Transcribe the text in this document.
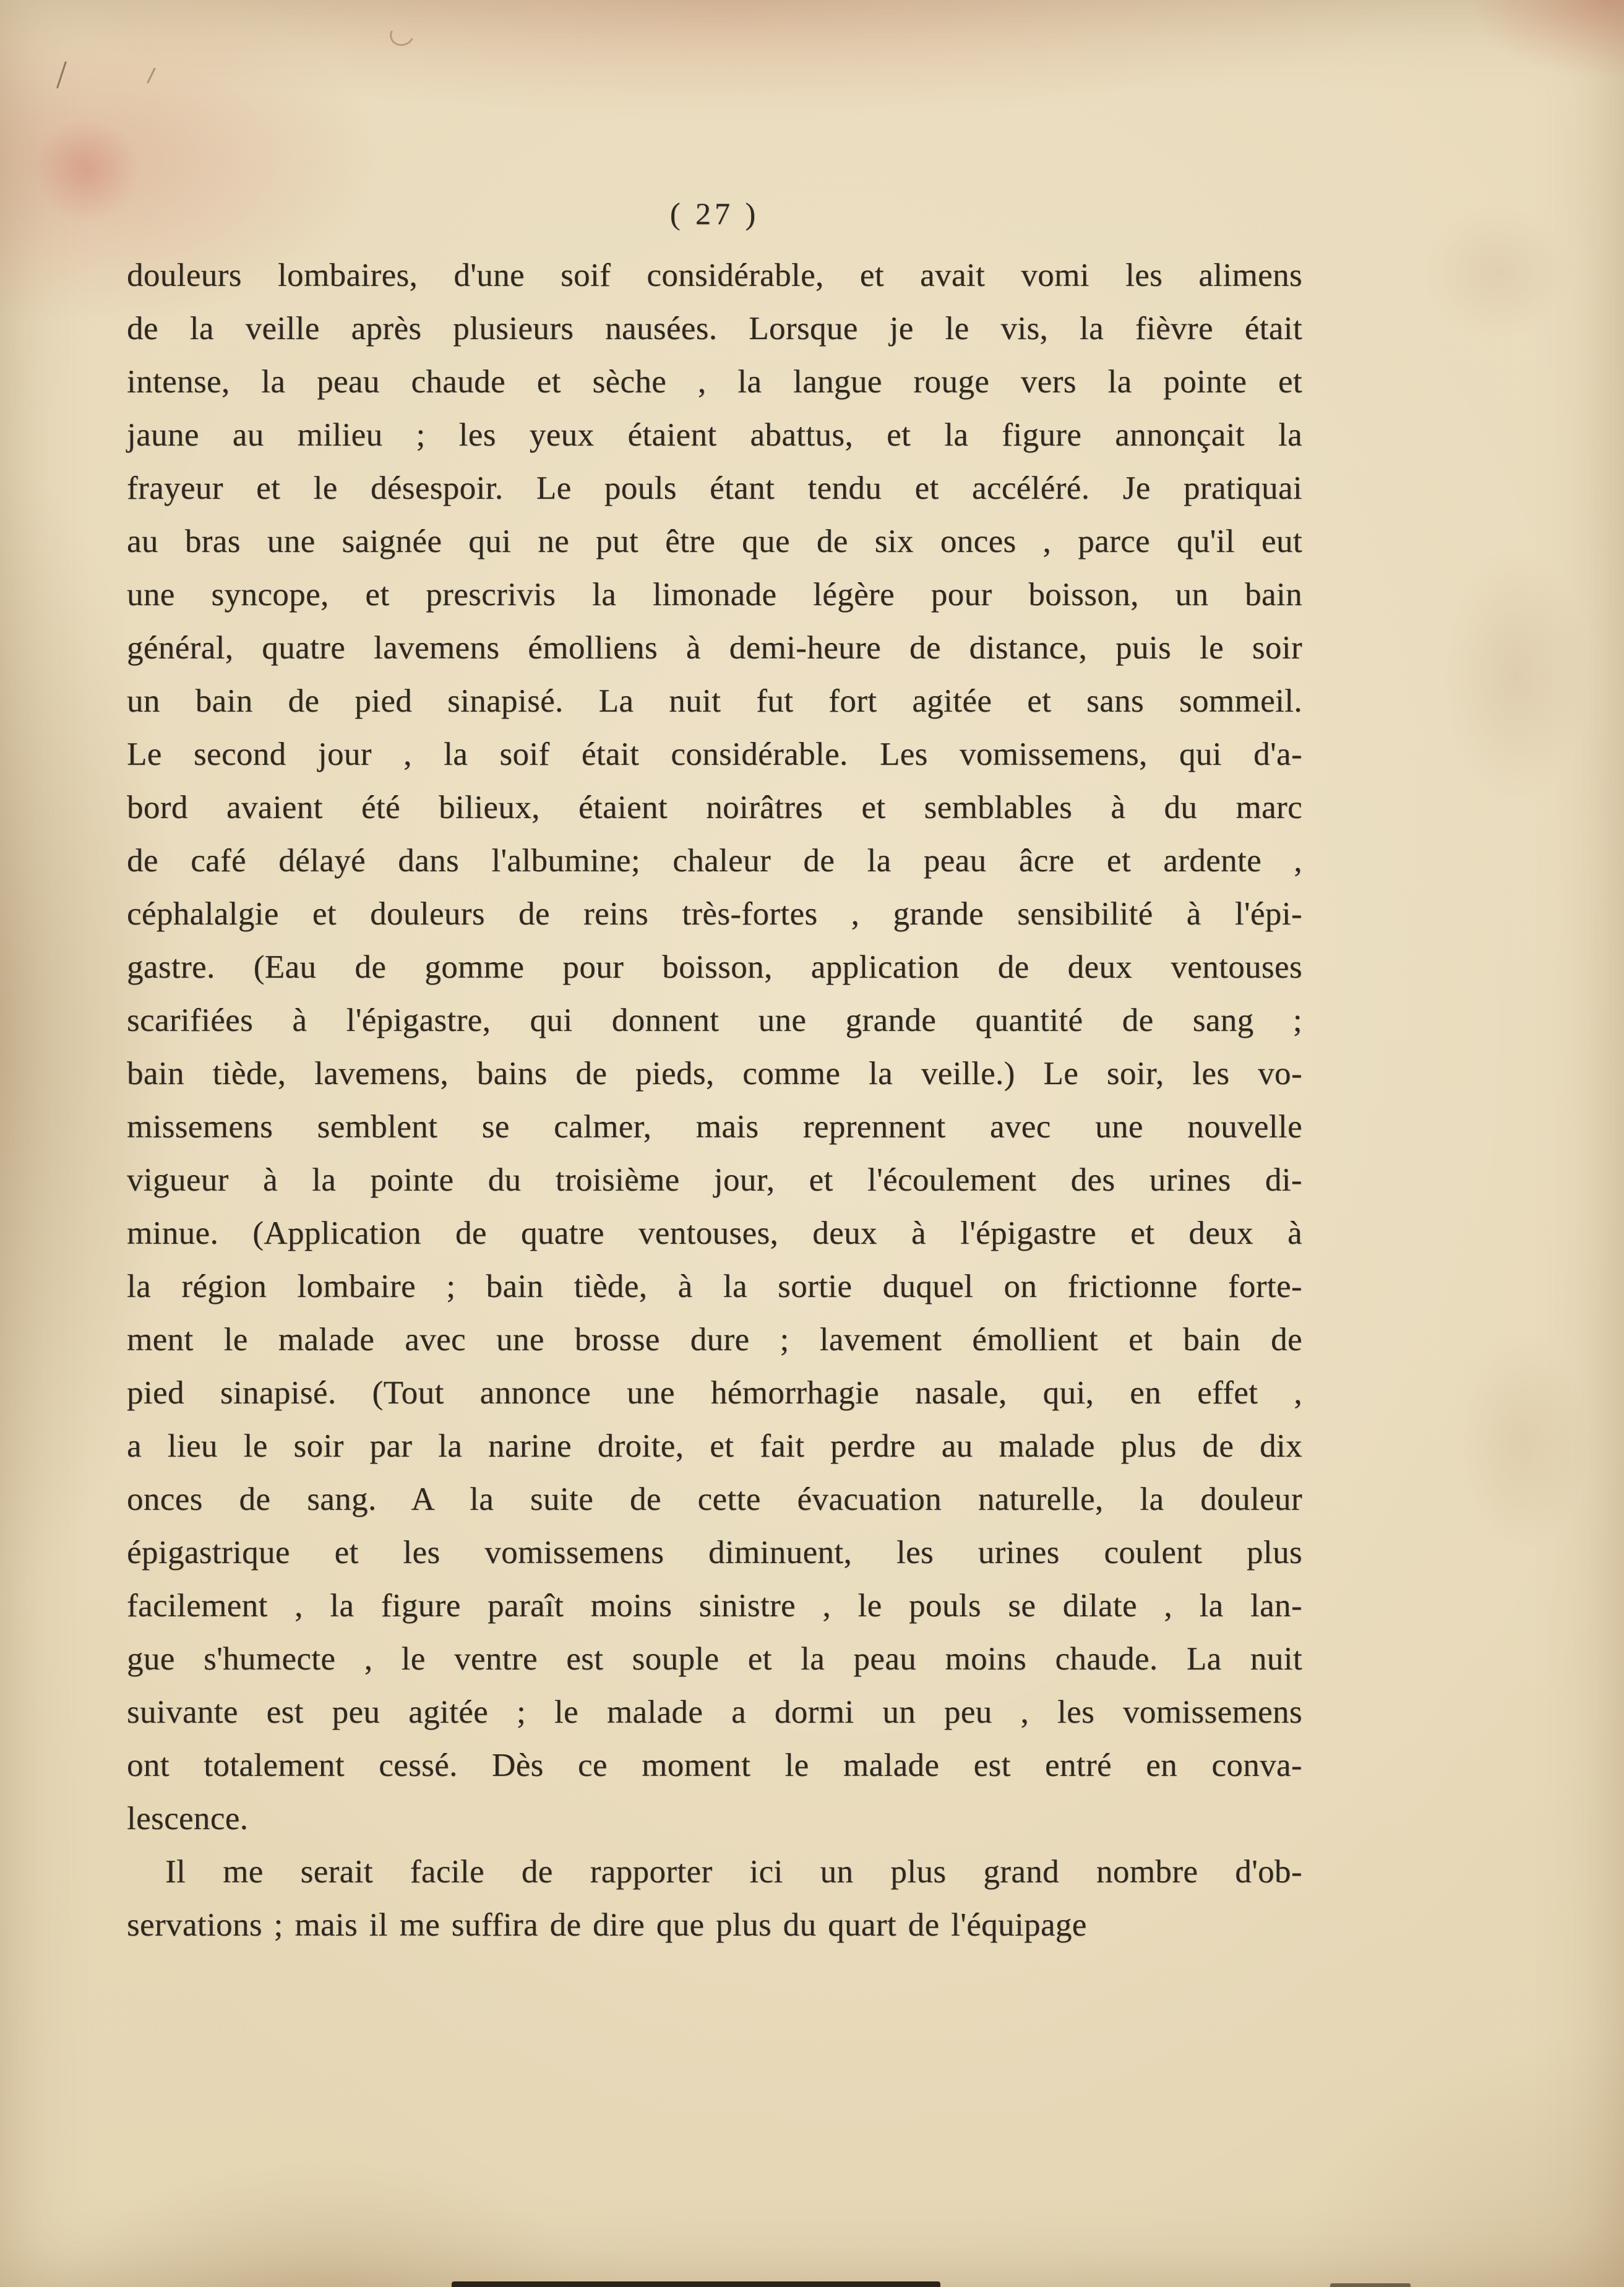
( 27 )
douleurs lombaires, d'une soif considérable, et avait vomi les alimens
de la veille après plusieurs nausées. Lorsque je le vis, la fièvre était
intense, la peau chaude et sèche , la langue rouge vers la pointe et
jaune au milieu ; les yeux étaient abattus, et la figure annonçait la
frayeur et le désespoir. Le pouls étant tendu et accéléré. Je pratiquai
au bras une saignée qui ne put être que de six onces , parce qu'il eut
une syncope, et prescrivis la limonade légère pour boisson, un bain
général, quatre lavemens émolliens à demi-heure de distance, puis le soir
un bain de pied sinapisé. La nuit fut fort agitée et sans sommeil.
Le second jour , la soif était considérable. Les vomissemens, qui d'a-
bord avaient été bilieux, étaient noirâtres et semblables à du marc
de café délayé dans l'albumine; chaleur de la peau âcre et ardente ,
céphalalgie et douleurs de reins très-fortes , grande sensibilité à l'épi-
gastre. (Eau de gomme pour boisson, application de deux ventouses
scarifiées à l'épigastre, qui donnent une grande quantité de sang ;
bain tiède, lavemens, bains de pieds, comme la veille.) Le soir, les vo-
missemens semblent se calmer, mais reprennent avec une nouvelle
vigueur à la pointe du troisième jour, et l'écoulement des urines di-
minue. (Application de quatre ventouses, deux à l'épigastre et deux à
la région lombaire ; bain tiède, à la sortie duquel on frictionne forte-
ment le malade avec une brosse dure ; lavement émollient et bain de
pied sinapisé. (Tout annonce une hémorrhagie nasale, qui, en effet ,
a lieu le soir par la narine droite, et fait perdre au malade plus de dix
onces de sang. A la suite de cette évacuation naturelle, la douleur
épigastrique et les vomissemens diminuent, les urines coulent plus
facilement , la figure paraît moins sinistre , le pouls se dilate , la lan-
gue s'humecte , le ventre est souple et la peau moins chaude. La nuit
suivante est peu agitée ; le malade a dormi un peu , les vomissemens
ont totalement cessé. Dès ce moment le malade est entré en conva-
lescence.
Il me serait facile de rapporter ici un plus grand nombre d'ob-
servations ; mais il me suffira de dire que plus du quart de l'équipage
